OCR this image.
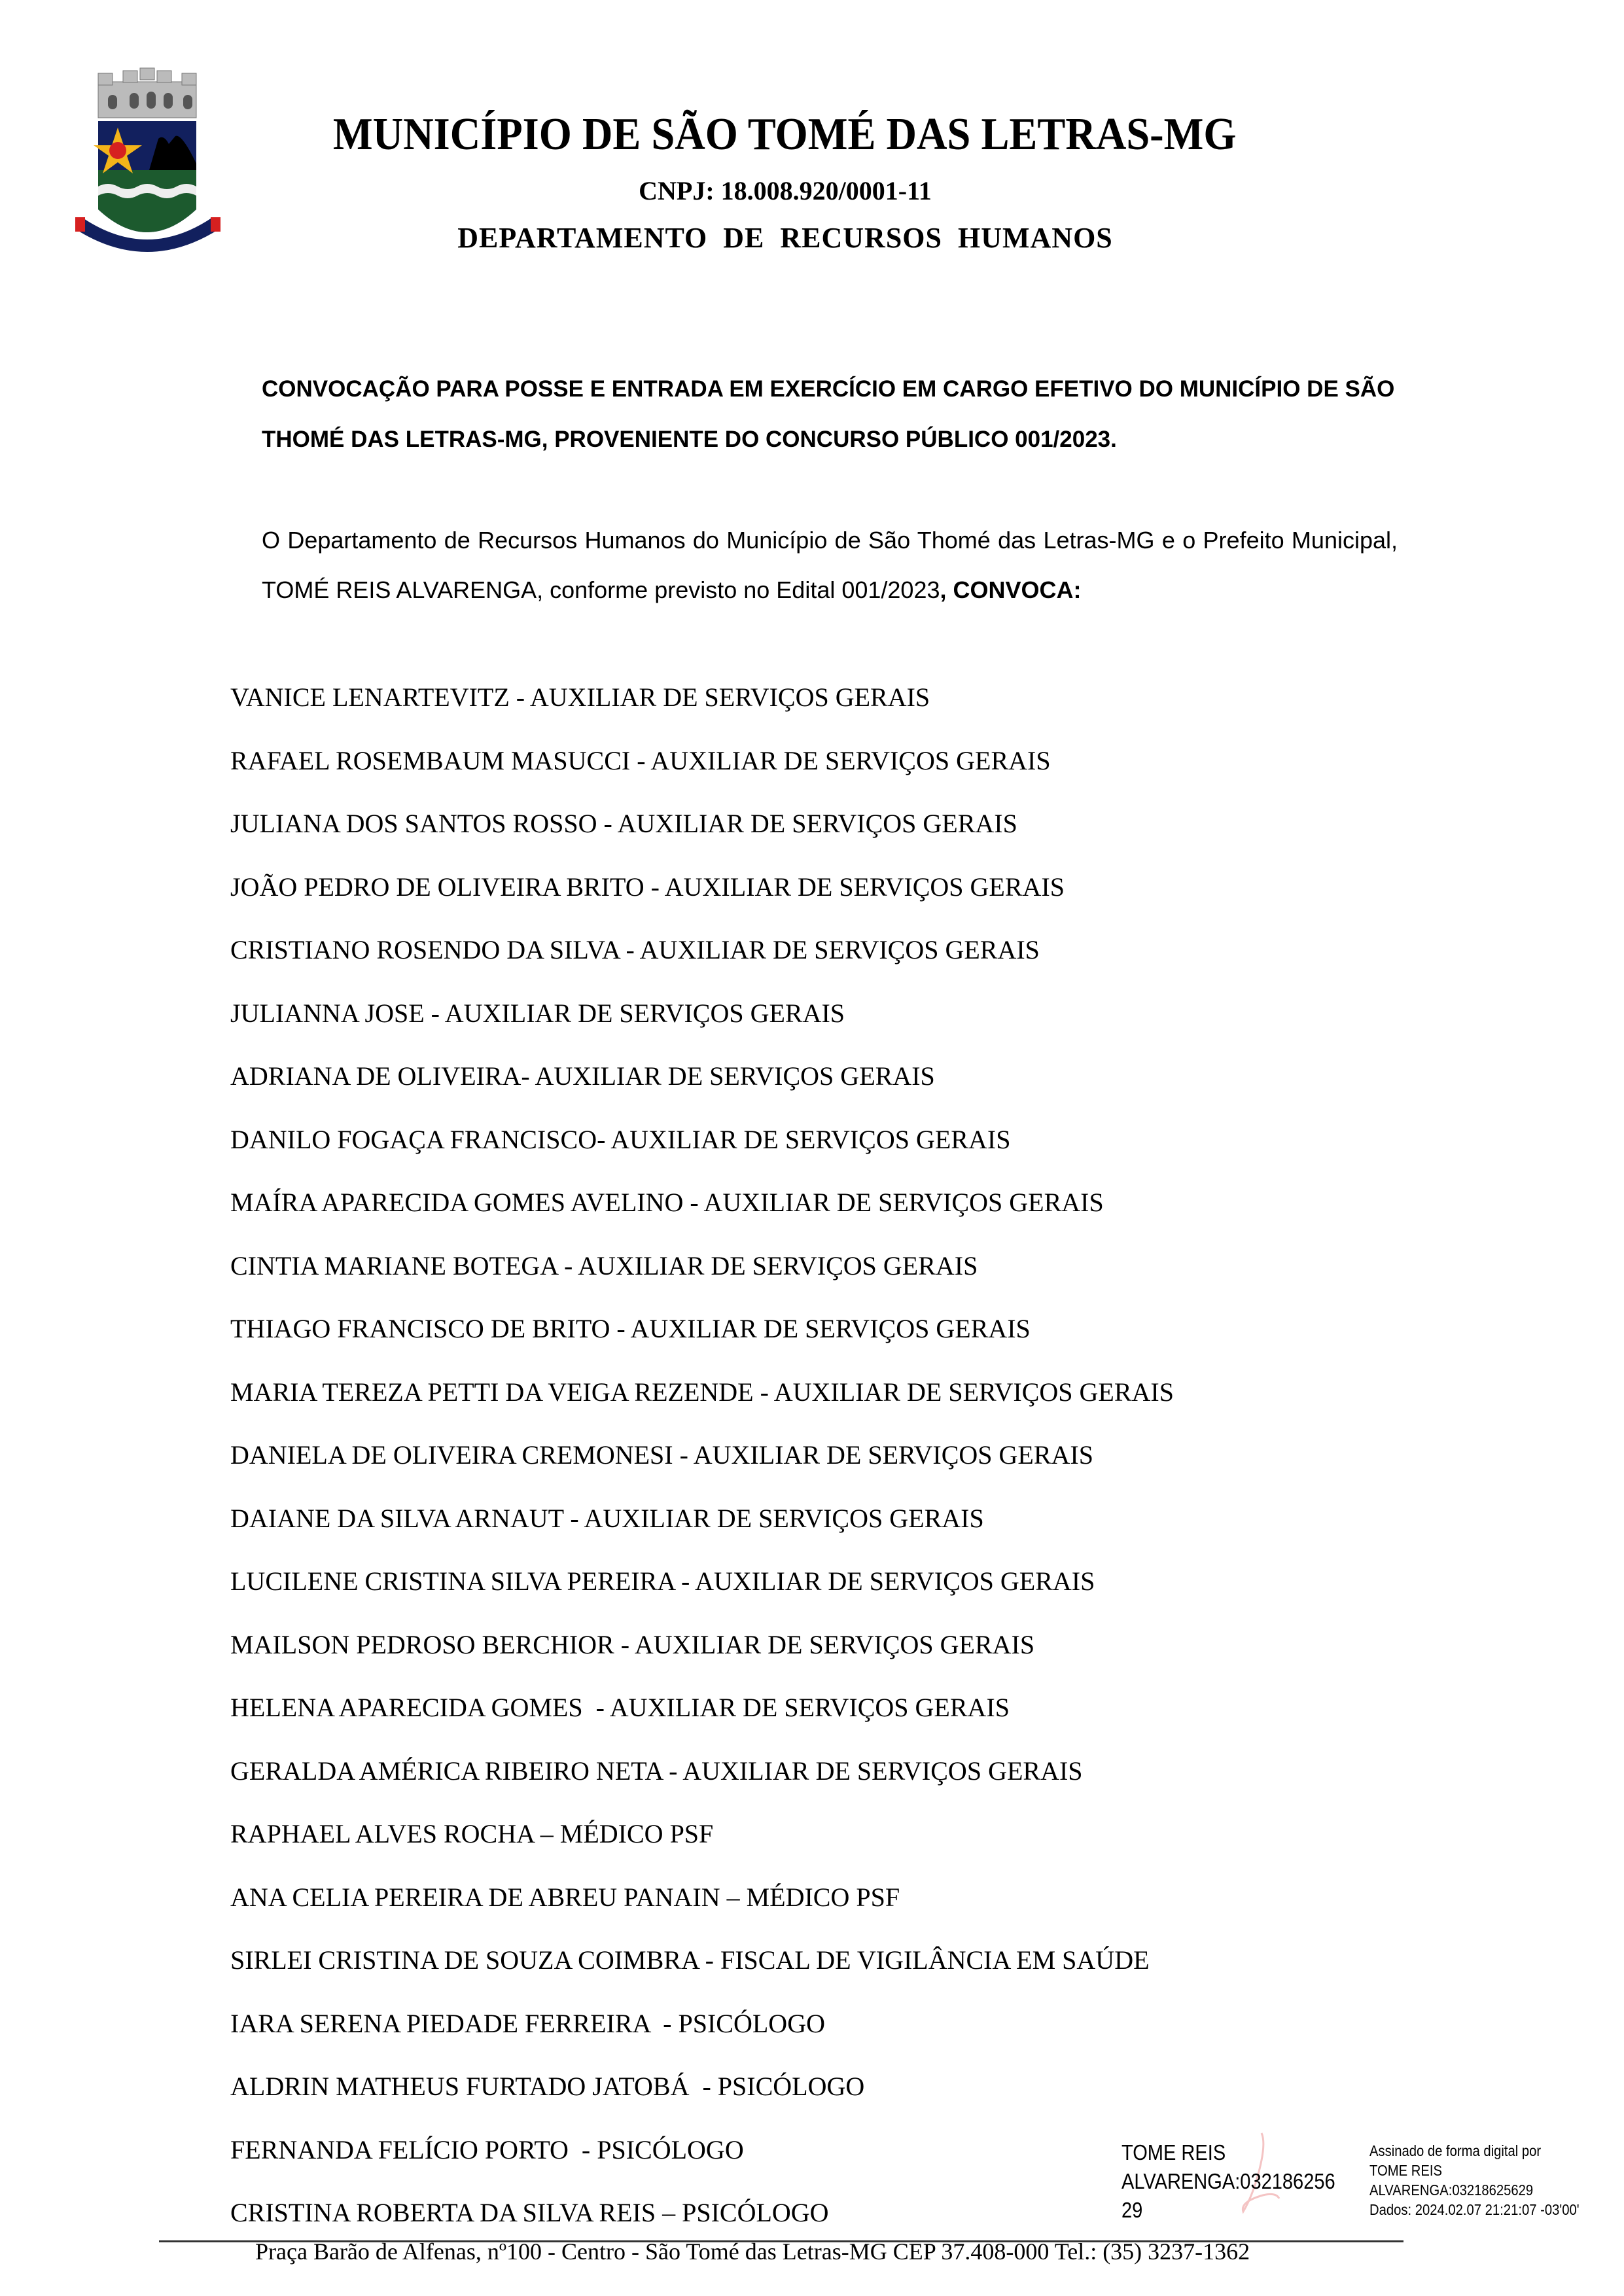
MUNICÍPIO DE SÃO TOMÉ DAS LETRAS-MG
CNPJ: 18.008.920/0001-11
DEPARTAMENTO  DE  RECURSOS  HUMANOS
CONVOCAÇÃO PARA POSSE E ENTRADA EM EXERCÍCIO EM CARGO EFETIVO DO MUNICÍPIO DE SÃO THOMÉ DAS LETRAS-MG, PROVENIENTE DO CONCURSO PÚBLICO 001/2023.
O Departamento de Recursos Humanos do Município de São Thomé das Letras-MG e o Prefeito Municipal, TOMÉ REIS ALVARENGA, conforme previsto no Edital 001/2023, CONVOCA:
VANICE LENARTEVITZ - AUXILIAR DE SERVIÇOS GERAIS
RAFAEL ROSEMBAUM MASUCCI - AUXILIAR DE SERVIÇOS GERAIS
JULIANA DOS SANTOS ROSSO - AUXILIAR DE SERVIÇOS GERAIS
JOÃO PEDRO DE OLIVEIRA BRITO - AUXILIAR DE SERVIÇOS GERAIS
CRISTIANO ROSENDO DA SILVA - AUXILIAR DE SERVIÇOS GERAIS
JULIANNA JOSE - AUXILIAR DE SERVIÇOS GERAIS
ADRIANA DE OLIVEIRA- AUXILIAR DE SERVIÇOS GERAIS
DANILO FOGAÇA FRANCISCO- AUXILIAR DE SERVIÇOS GERAIS
MAÍRA APARECIDA GOMES AVELINO - AUXILIAR DE SERVIÇOS GERAIS
CINTIA MARIANE BOTEGA - AUXILIAR DE SERVIÇOS GERAIS
THIAGO FRANCISCO DE BRITO - AUXILIAR DE SERVIÇOS GERAIS
MARIA TEREZA PETTI DA VEIGA REZENDE - AUXILIAR DE SERVIÇOS GERAIS
DANIELA DE OLIVEIRA CREMONESI - AUXILIAR DE SERVIÇOS GERAIS
DAIANE DA SILVA ARNAUT - AUXILIAR DE SERVIÇOS GERAIS
LUCILENE CRISTINA SILVA PEREIRA - AUXILIAR DE SERVIÇOS GERAIS
MAILSON PEDROSO BERCHIOR - AUXILIAR DE SERVIÇOS GERAIS
HELENA APARECIDA GOMES  - AUXILIAR DE SERVIÇOS GERAIS
GERALDA AMÉRICA RIBEIRO NETA - AUXILIAR DE SERVIÇOS GERAIS
RAPHAEL ALVES ROCHA – MÉDICO PSF
ANA CELIA PEREIRA DE ABREU PANAIN – MÉDICO PSF
SIRLEI CRISTINA DE SOUZA COIMBRA - FISCAL DE VIGILÂNCIA EM SAÚDE
IARA SERENA PIEDADE FERREIRA  - PSICÓLOGO
ALDRIN MATHEUS FURTADO JATOBÁ  - PSICÓLOGO
FERNANDA FELÍCIO PORTO  - PSICÓLOGO
CRISTINA ROBERTA DA SILVA REIS – PSICÓLOGO
TOME REIS
ALVARENGA:032186256
29
Assinado de forma digital por
TOME REIS
ALVARENGA:03218625629
Dados: 2024.02.07 21:21:07 -03'00'
Praça Barão de Alfenas, nº100 - Centro - São Tomé das Letras-MG CEP 37.408-000 Tel.: (35) 3237-1362
